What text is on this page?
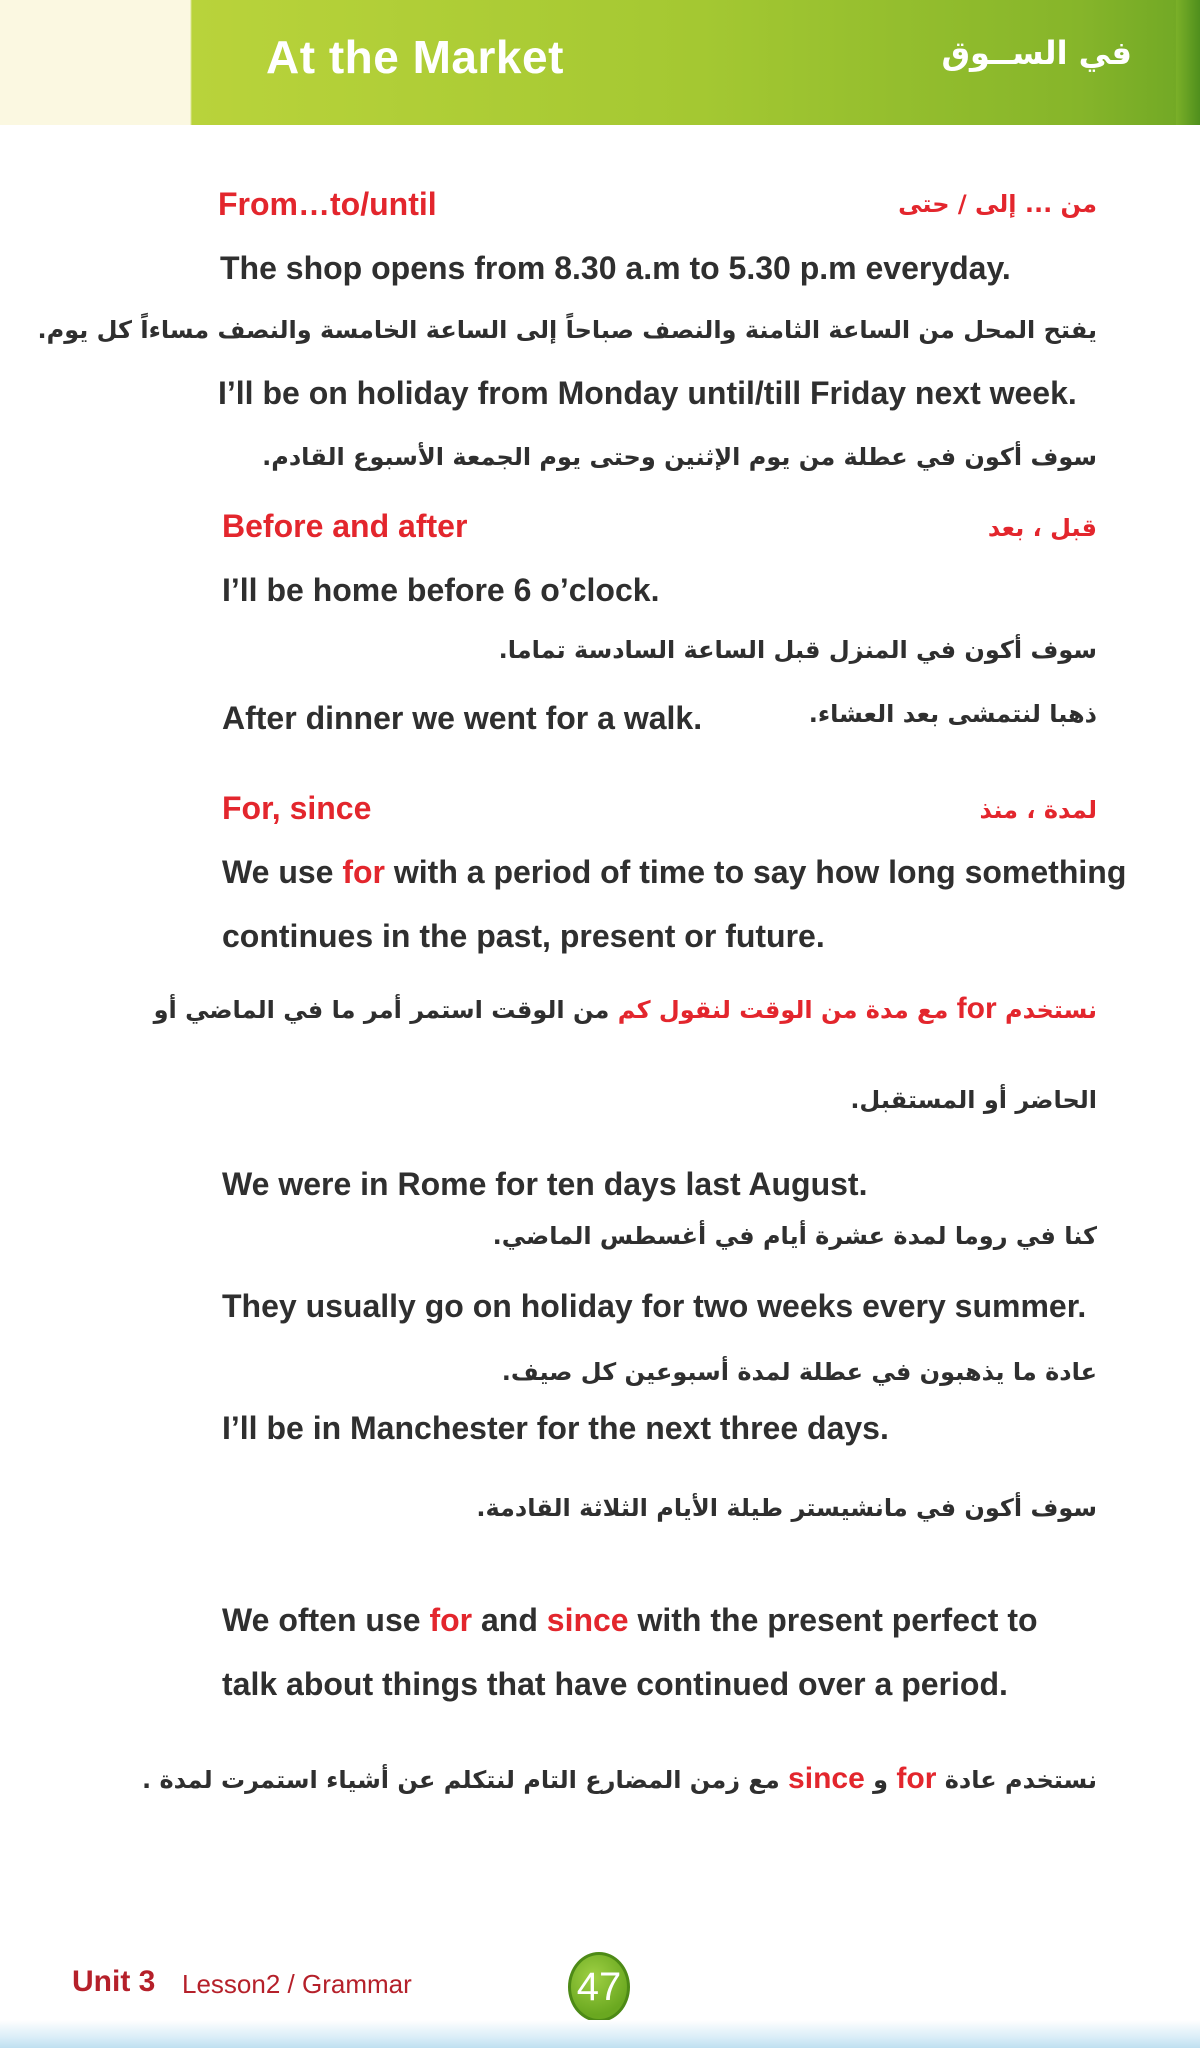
At the Market	في الســوق
From…to/until	من ... إلى / حتى
The shop opens from 8.30 a.m to 5.30 p.m everyday.
يفتح المحل من الساعة الثامنة والنصف صباحاً إلى الساعة الخامسة والنصف مساءاً كل يوم.
I’ll be on holiday from Monday until/till Friday next week.
سوف أكون في عطلة من يوم الإثنين وحتى يوم الجمعة الأسبوع القادم.
Before and after	قبل ، بعد
I’ll be home before 6 o’clock.
سوف أكون في المنزل قبل الساعة السادسة تماما.
After dinner we went for a walk.	ذهبا لنتمشى بعد العشاء.
For, since	لمدة ، منذ
We use for with a period of time to say how long something
continues in the past, present or future.
نستخدم for مع مدة من الوقت لنقول كم من الوقت استمر أمر ما في الماضي أو
الحاضر أو المستقبل.
We were in Rome for ten days last August.
كنا في روما لمدة عشرة أيام في أغسطس الماضي.
They usually go on holiday for two weeks every summer.
عادة ما يذهبون في عطلة لمدة أسبوعين كل صيف.
I’ll be in Manchester for the next three days.
سوف أكون في مانشيستر طيلة الأيام الثلاثة القادمة.
We often use for and since with the present perfect to
talk about things that have continued over a period.
نستخدم عادة for و since مع زمن المضارع التام لنتكلم عن أشياء استمرت لمدة .
Unit 3 Lesson2 / Grammar	47
